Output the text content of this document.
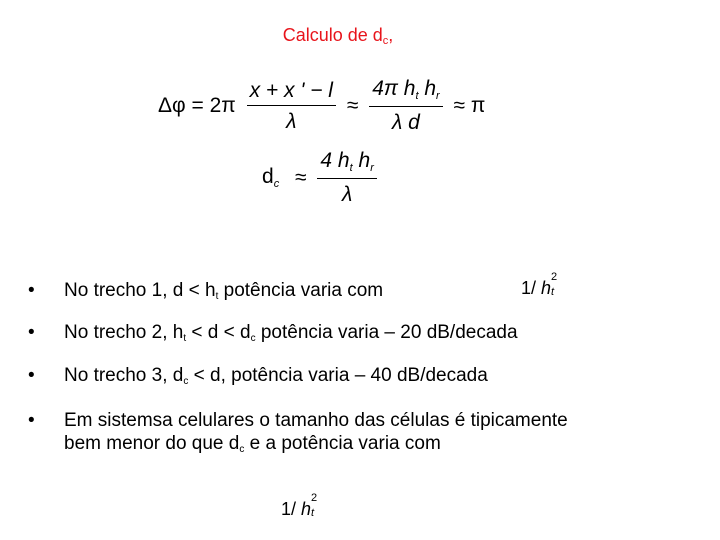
Calculo de $d_c$,
$\Delta\varphi = 2\pi \frac{x + x ' - l}{\lambda} \approx \frac{\text{4π ht hr}}{\text{λ d}} \approx \pi$
dc ≈ $\frac{\text{4 ht hr}}{\lambda}$
• No trecho 1, $d < h_t$ potência varia com
• No trecho 2, $h_t < d < d_c$ potência varia – 20 dB/decada
• No trecho 3, $d_c < d$, potência varia – 40 dB/decada
• Em sistemsa celulares o tamanho das células é tipicamente
bem menor do que $d_c$ e a potência varia com
1/ h
2
t
1/ h
2
t
